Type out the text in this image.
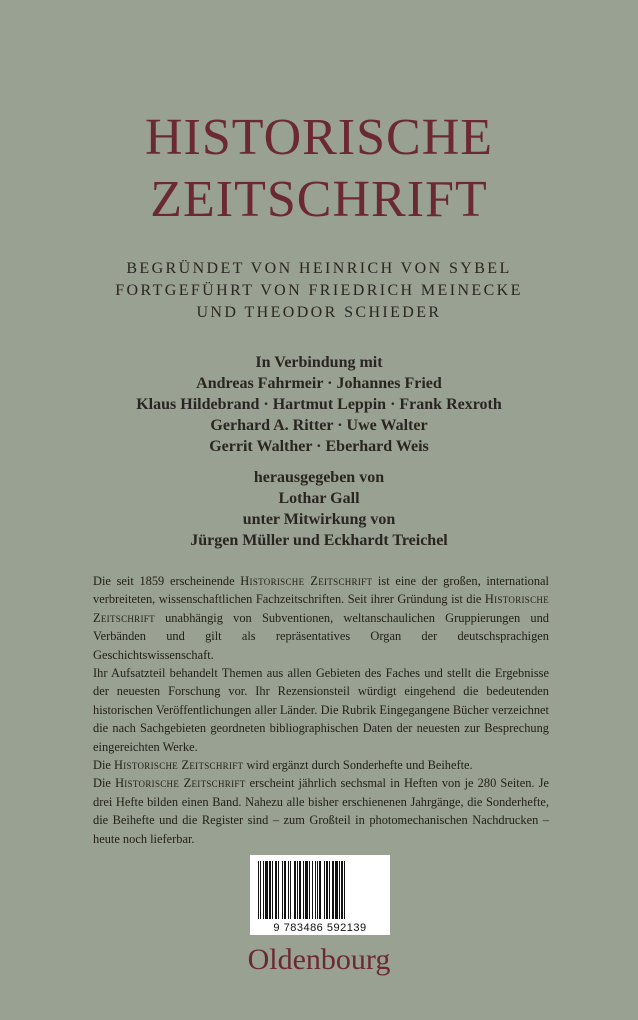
HISTORISCHE
ZEITSCHRIFT
BEGRÜNDET VON HEINRICH VON SYBEL
FORTGEFÜHRT VON FRIEDRICH MEINECKE
UND THEODOR SCHIEDER
In Verbindung mit
Andreas Fahrmeir · Johannes Fried
Klaus Hildebrand · Hartmut Leppin · Frank Rexroth
Gerhard A. Ritter · Uwe Walter
Gerrit Walther · Eberhard Weis
herausgegeben von
Lothar Gall
unter Mitwirkung von
Jürgen Müller und Eckhardt Treichel

Die seit 1859 erscheinende Historische Zeitschrift ist eine der großen, international verbreiteten, wissenschaftlichen Fachzeitschriften. Seit ihrer Gründung ist die Historische Zeitschrift unabhängig von Subventionen, weltanschaulichen Gruppierungen und Verbänden und gilt als repräsentatives Organ der deutschsprachigen Geschichtswissenschaft.

Ihr Aufsatzteil behandelt Themen aus allen Gebieten des Faches und stellt die Ergebnisse der neuesten Forschung vor. Ihr Rezensionsteil würdigt eingehend die bedeutenden historischen Veröffentlichungen aller Länder. Die Rubrik Eingegangene Bücher verzeichnet die nach Sachgebieten geordneten bibliographischen Daten der neuesten zur Besprechung eingereichten Werke.

Die Historische Zeitschrift wird ergänzt durch Sonderhefte und Beihefte.

Die Historische Zeitschrift erscheint jährlich sechsmal in Heften von je 280 Seiten. Je drei Hefte bilden einen Band. Nahezu alle bisher erschienenen Jahrgänge, die Sonderhefte, die Beihefte und die Register sind – zum Großteil in photomechanischen Nachdrucken – heute noch lieferbar.

9 783486 592139
Oldenbourg
